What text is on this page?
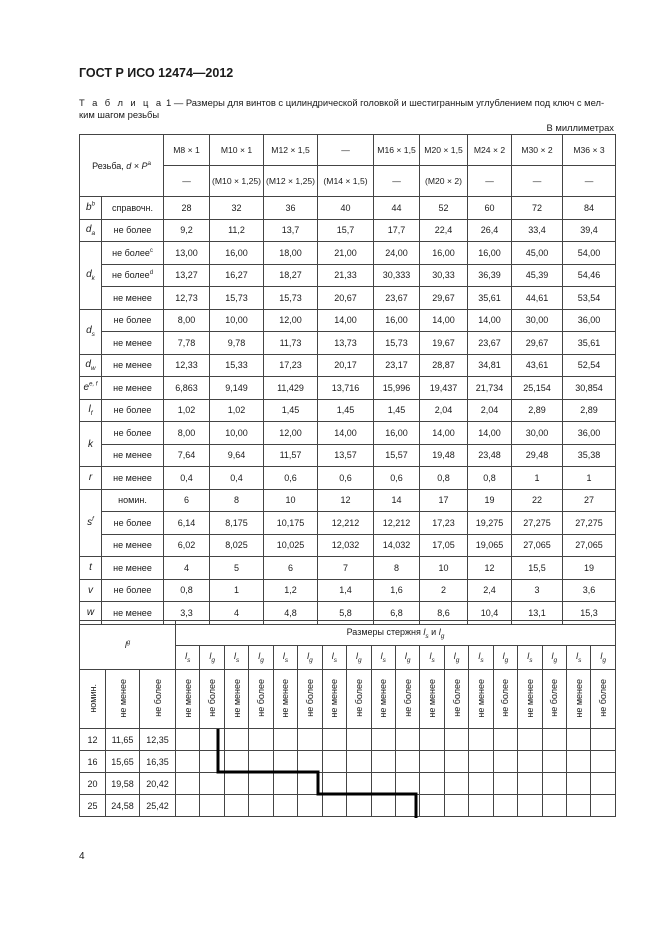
ГОСТ Р ИСО 12474—2012
Т а б л и ц а 1 — Размеры для винтов с цилиндрической головкой и шестигранным углублением под ключ с мел-ким шагом резьбы
В миллиметрах
Резьба, $d \times P^a$		M8 × 1	M10 × 1	M12 × 1,5	—	M16 × 1,5	M20 × 1,5	M24 × 2	M30 × 2	M36 × 3
		—	(M10 × 1,25)	(M12 × 1,25)	(M14 × 1,5)	—	(M20 × 2)	—	—	—
$b^b$	справочн.	28	32	36	40	44	52	60	72	84
$d_a$	не более	9,2	11,2	13,7	15,7	17,7	22,4	26,4	33,4	39,4
$d_k$	не более$^c$	13,00	16,00	18,00	21,00	24,00	16,00	16,00	45,00	54,00
	не более$^d$	13,27	16,27	18,27	21,33	30,333	30,33	36,39	45,39	54,46
	не менее	12,73	15,73	15,73	20,67	23,67	29,67	35,61	44,61	53,54
$d_s$	не более	8,00	10,00	12,00	14,00	16,00	14,00	14,00	30,00	36,00
	не менее	7,78	9,78	11,73	13,73	15,73	19,67	23,67	29,67	35,61
$d_w$	не менее	12,33	15,33	17,23	20,17	23,17	28,87	34,81	43,61	52,54
$e^{e, f}$	не менее	6,863	9,149	11,429	13,716	15,996	19,437	21,734	25,154	30,854
$l_f$	не более	1,02	1,02	1,45	1,45	1,45	2,04	2,04	2,89	2,89
k	не более	8,00	10,00	12,00	14,00	16,00	14,00	14,00	30,00	36,00
	не менее	7,64	9,64	11,57	13,57	15,57	19,48	23,48	29,48	35,38
r	не менее	0,4	0,4	0,6	0,6	0,6	0,8	0,8	1	1
$s^f$	номин.	6	8	10	12	14	17	19	22	27
	не более	6,14	8,175	10,175	12,212	12,212	17,23	19,275	27,275	27,275
	не менее	6,02	8,025	10,025	12,032	14,032	17,05	19,065	27,065	27,065
t	не менее	4	5	6	7	8	10	12	15,5	19
v	не более	0,8	1	1,2	1,4	1,6	2	2,4	3	3,6
w	не менее	3,3	4	4,8	5,8	6,8	8,6	10,4	13,1	15,3
$l^g$			Размеры стержня $l_s$ и $l_g$
			$l_s$	$l_g$	$l_s$	$l_g$	$l_s$	$l_g$	$l_s$	$l_g$	$l_s$	$l_g$	$l_s$	$l_g$	$l_s$	$l_g$	$l_s$	$l_g$	$l_s$	$l_g$
номин.	не менее	не более	не менее	не более	не менее	не более	не менее	не более	не менее	не более	не менее	не более	не менее	не более	не менее	не более	не менее	не более	не менее	не более
12	11,65	12,35																		
16	15,65	16,35																		
20	19,58	20,42																		
25	24,58	25,42																		
4
